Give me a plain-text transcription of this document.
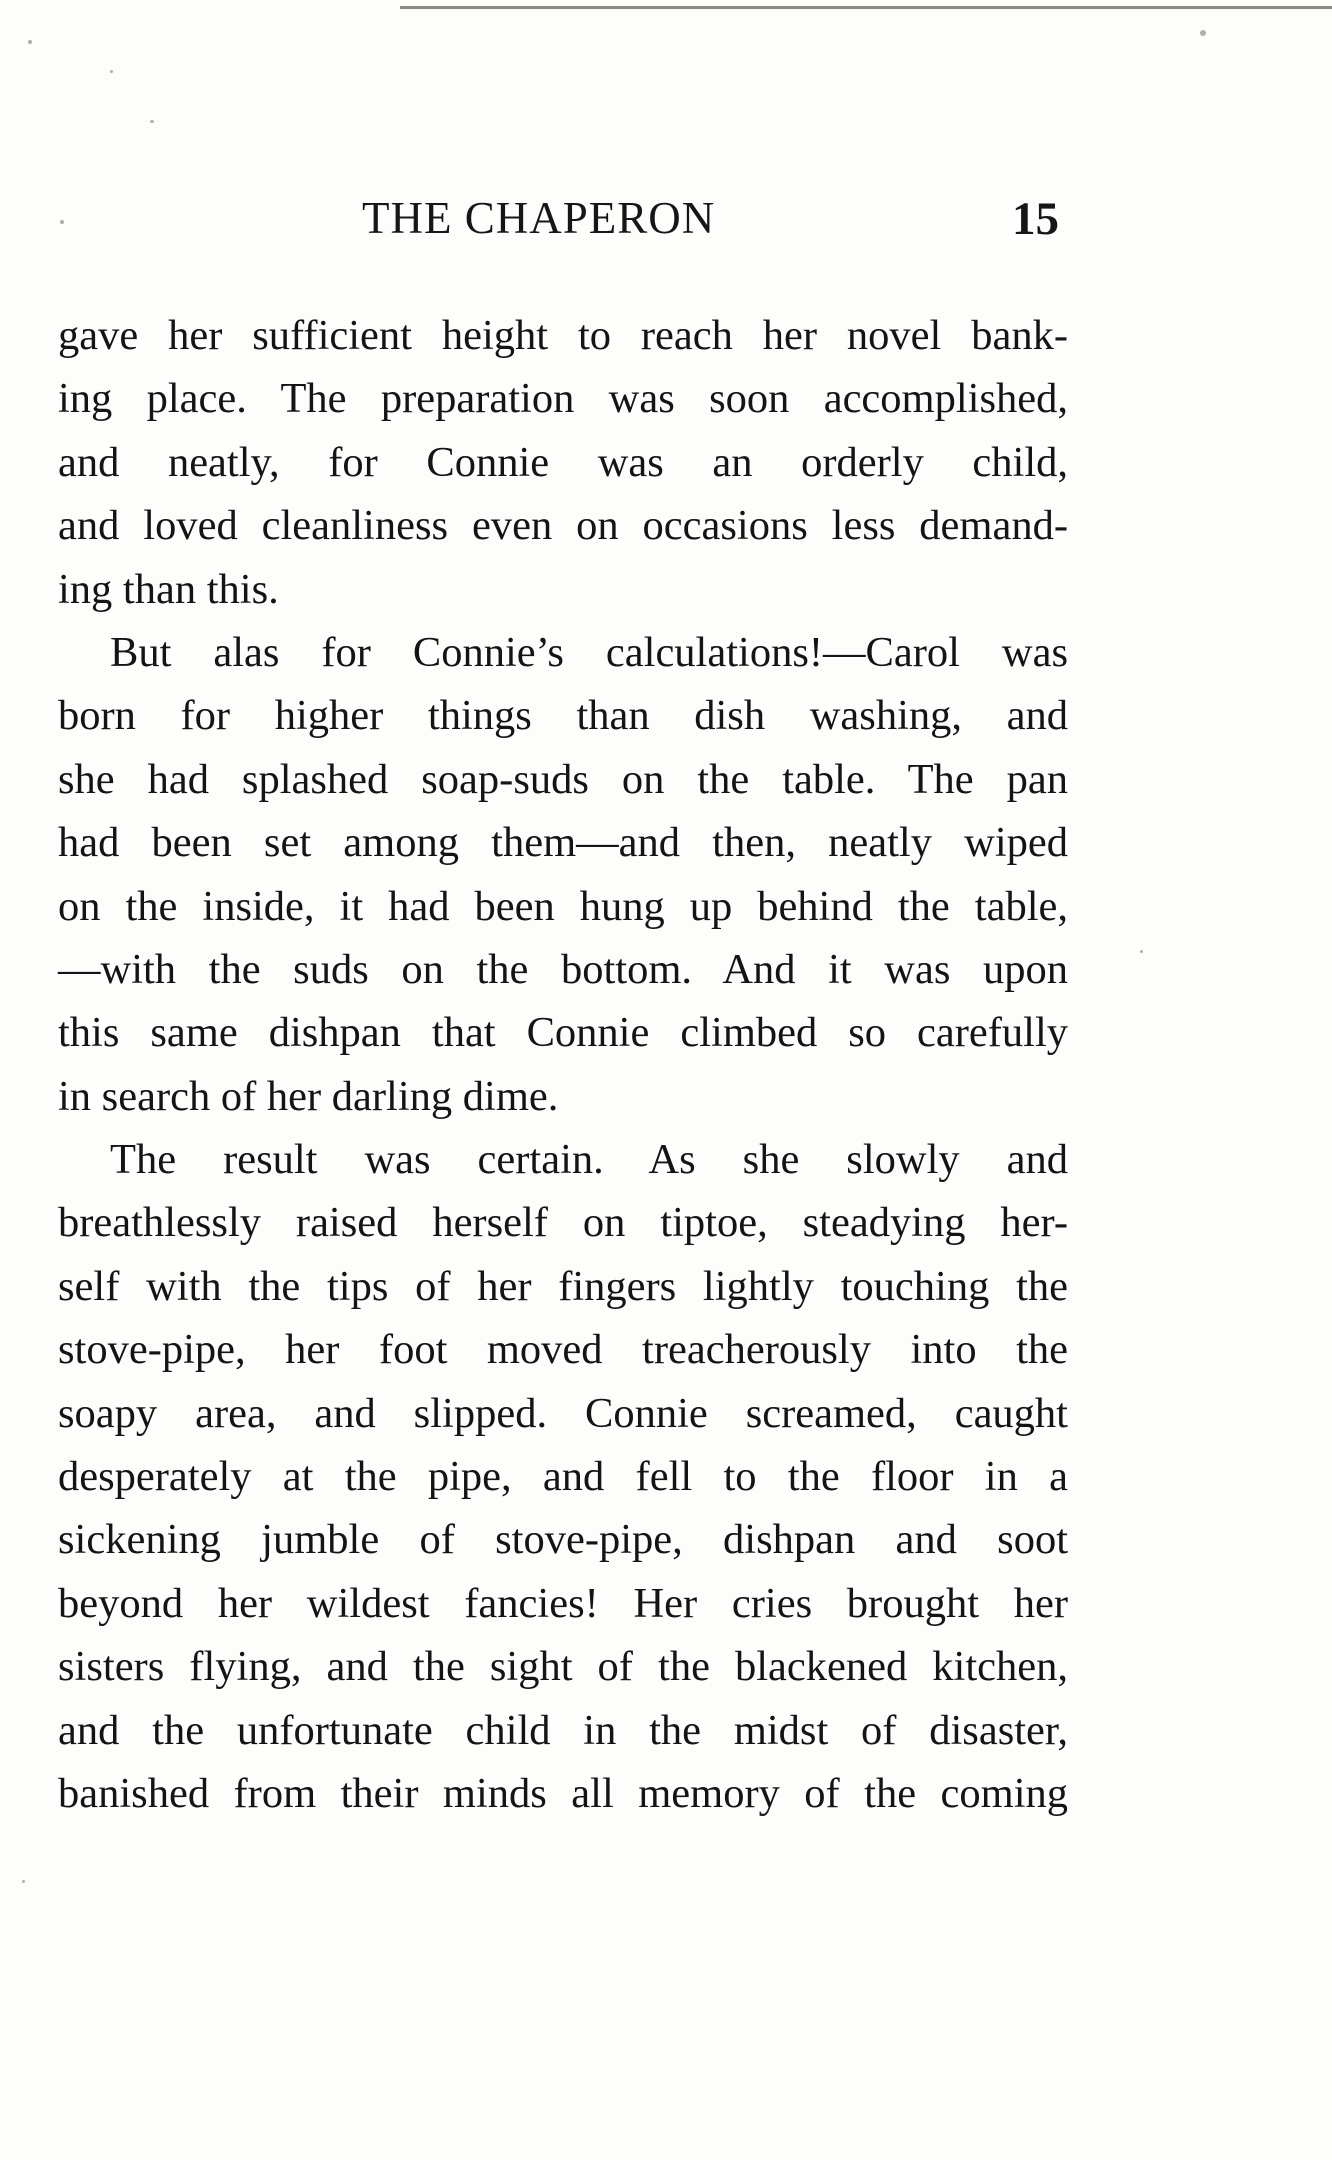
THE CHAPERON	15
gave her sufficient height to reach her novel bank-
ing place. The preparation was soon accomplished,
and neatly, for Connie was an orderly child,
and loved cleanliness even on occasions less demand-
ing than this.
But alas for Connie’s calculations!—Carol was
born for higher things than dish washing, and
she had splashed soap-suds on the table. The pan
had been set among them—and then, neatly wiped
on the inside, it had been hung up behind the table,
—with the suds on the bottom. And it was upon
this same dishpan that Connie climbed so carefully
in search of her darling dime.
The result was certain. As she slowly and
breathlessly raised herself on tiptoe, steadying her-
self with the tips of her fingers lightly touching the
stove-pipe, her foot moved treacherously into the
soapy area, and slipped. Connie screamed, caught
desperately at the pipe, and fell to the floor in a
sickening jumble of stove-pipe, dishpan and soot
beyond her wildest fancies! Her cries brought her
sisters flying, and the sight of the blackened kitchen,
and the unfortunate child in the midst of disaster,
banished from their minds all memory of the coming
